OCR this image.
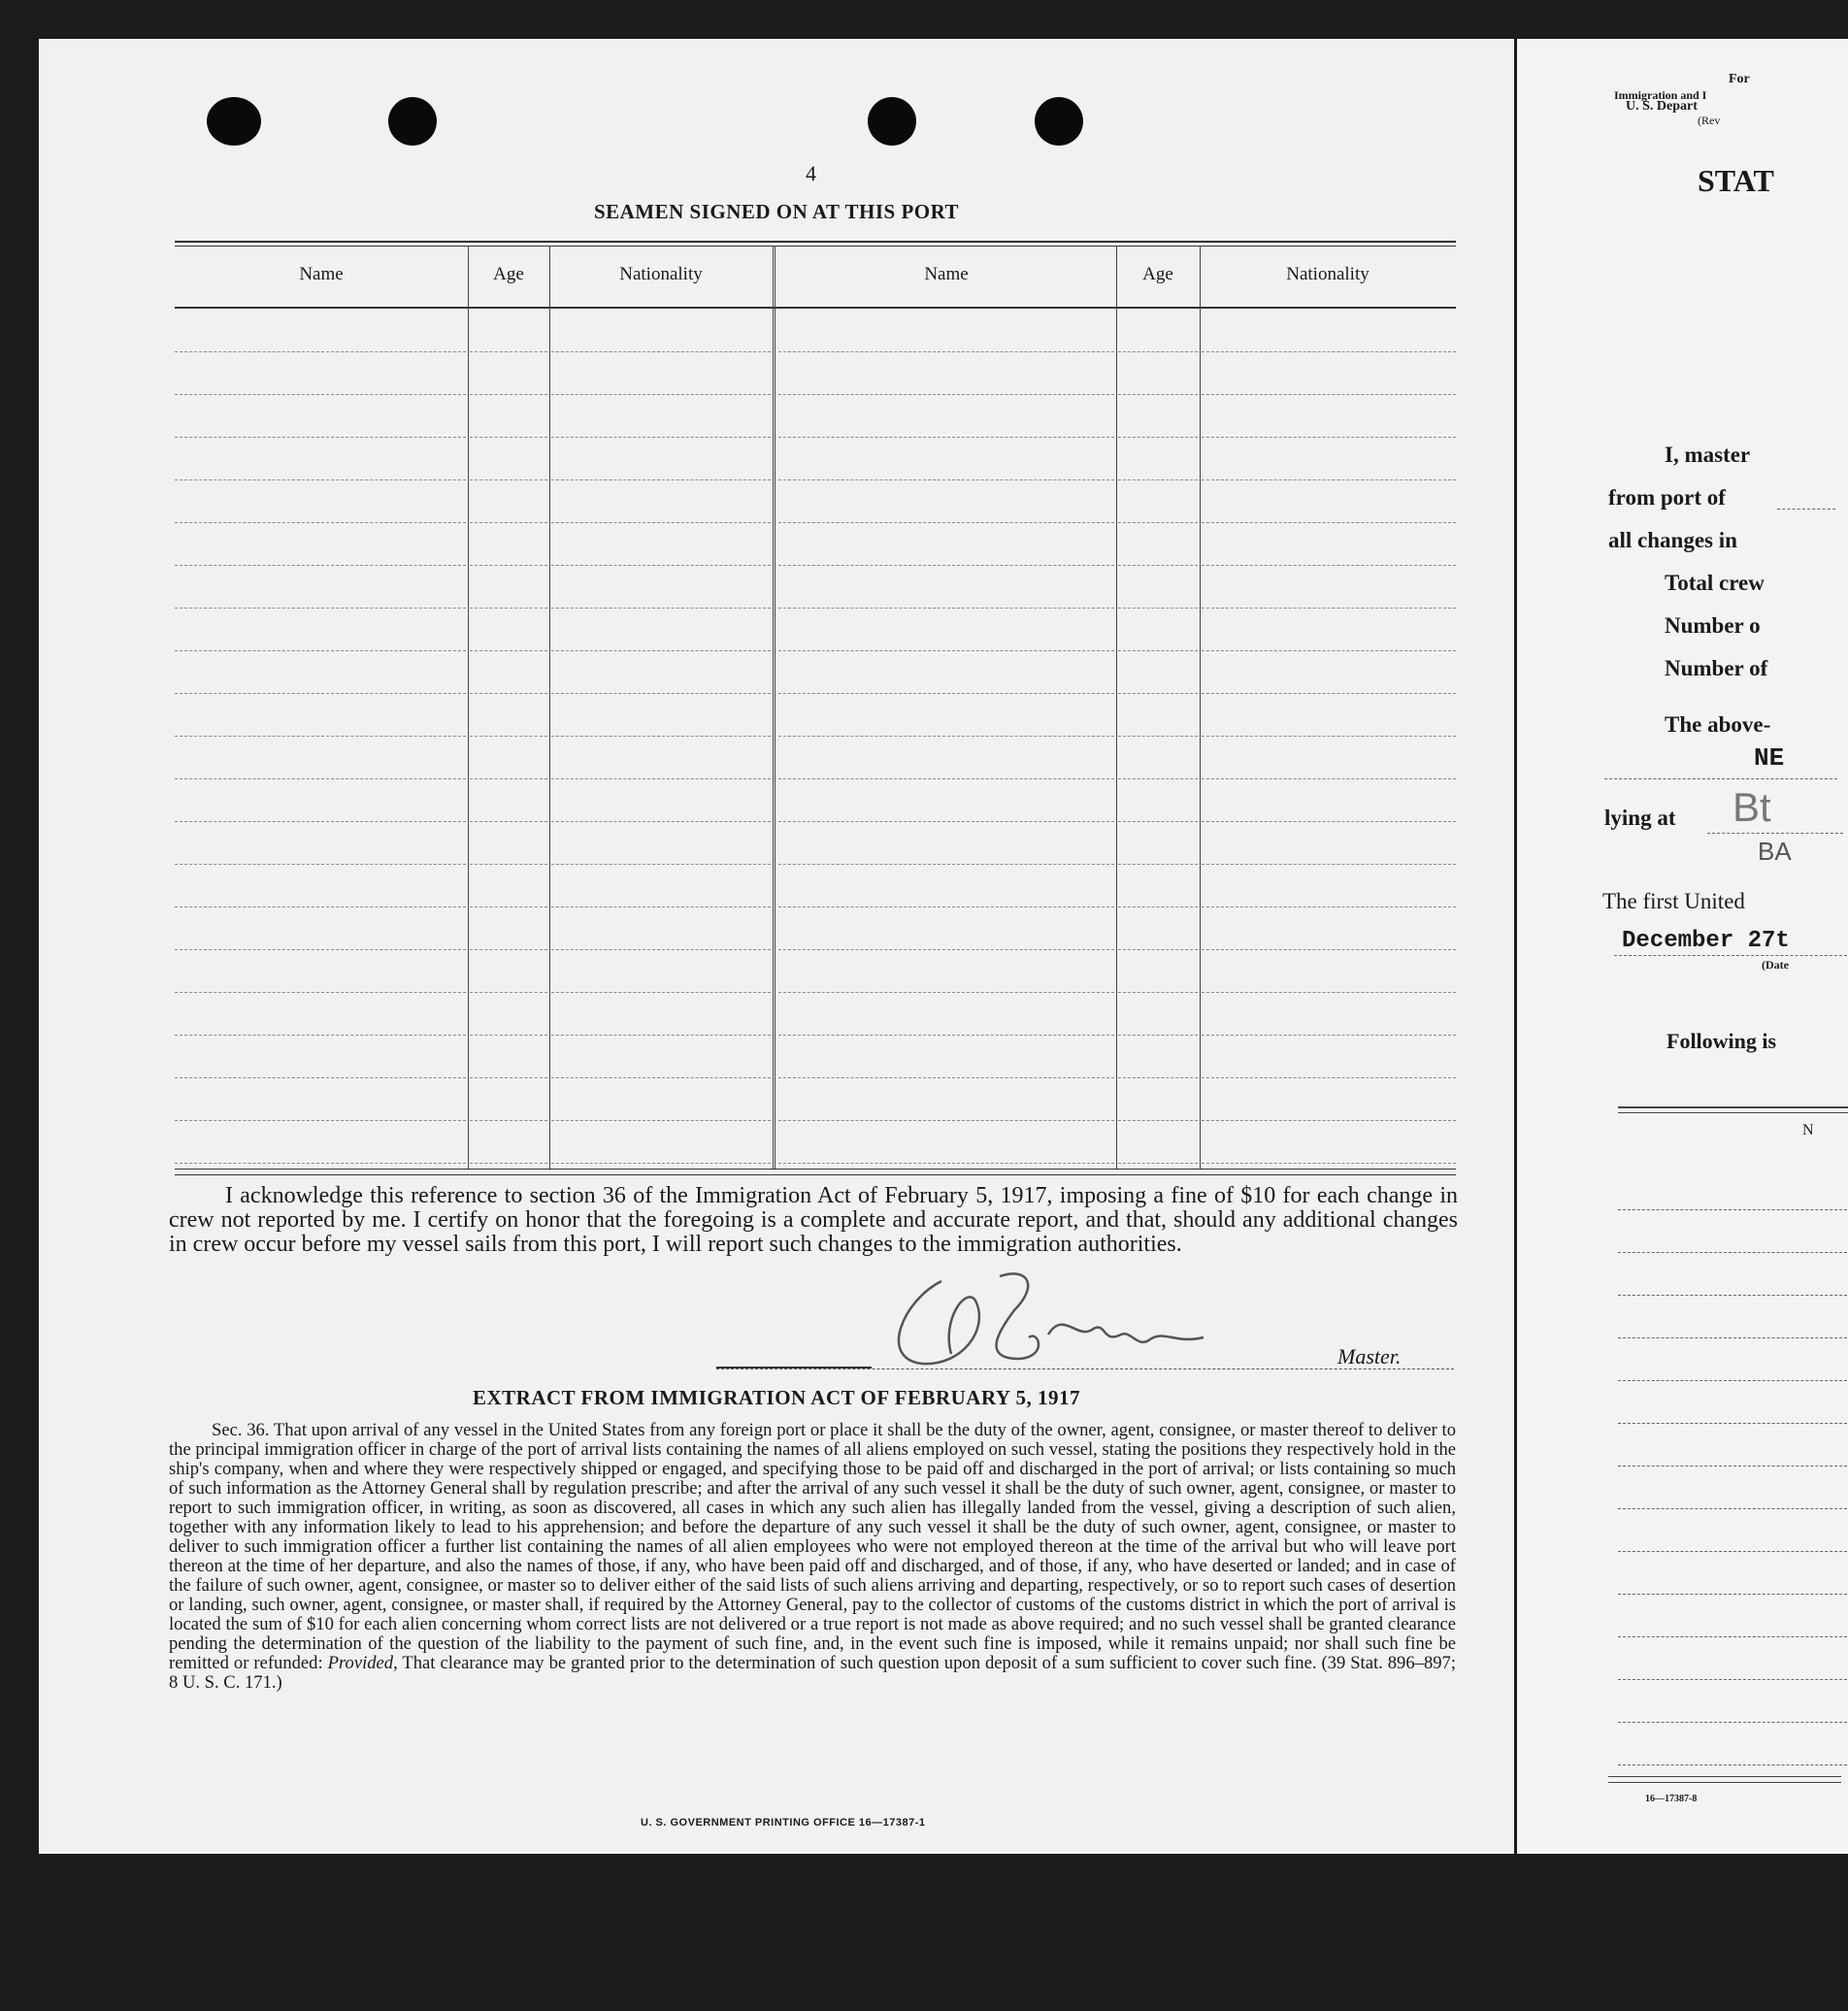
4
SEAMEN SIGNED ON AT THIS PORT
Name	Age	Nationality	Name	Age	Nationality

I acknowledge this reference to section 36 of the Immigration Act of February 5, 1917, imposing a fine of $10 for each change in crew not reported by me. I certify on honor that the foregoing is a complete and accurate report, and that, should any additional changes in crew occur before my vessel sails from this port, I will report such changes to the immigration authorities.

Master.
EXTRACT FROM IMMIGRATION ACT OF FEBRUARY 5, 1917

Sec. 36. That upon arrival of any vessel in the United States from any foreign port or place it shall be the duty of the owner, agent, consignee, or master thereof to deliver to the principal immigration officer in charge of the port of arrival lists containing the names of all aliens employed on such vessel, stating the positions they respectively hold in the ship's company, when and where they were respectively shipped or engaged, and specifying those to be paid off and discharged in the port of arrival; or lists containing so much of such information as the Attorney General shall by regulation prescribe; and after the arrival of any such vessel it shall be the duty of such owner, agent, consignee, or master to report to such immigration officer, in writing, as soon as discovered, all cases in which any such alien has illegally landed from the vessel, giving a description of such alien, together with any information likely to lead to his apprehension; and before the departure of any such vessel it shall be the duty of such owner, agent, consignee, or master to deliver to such immigration officer a further list containing the names of all alien employees who were not employed thereon at the time of the arrival but who will leave port thereon at the time of her departure, and also the names of those, if any, who have been paid off and discharged, and of those, if any, who have deserted or landed; and in case of the failure of such owner, agent, consignee, or master so to deliver either of the said lists of such aliens arriving and departing, respectively, or so to report such cases of desertion or landing, such owner, agent, consignee, or master shall, if required by the Attorney General, pay to the collector of customs of the customs district in which the port of arrival is located the sum of $10 for each alien concerning whom correct lists are not delivered or a true report is not made as above required; and no such vessel shall be granted clearance pending the determination of the question of the liability to the payment of such fine, and, in the event such fine is imposed, while it remains unpaid; nor shall such fine be remitted or refunded: Provided, That clearance may be granted prior to the determination of such question upon deposit of a sum sufficient to cover such fine. (39 Stat. 896–897; 8 U. S. C. 171.)

U. S. GOVERNMENT PRINTING OFFICE 16—17387-1
For
Immigration and I
U. S. Depart
(Rev
STAT
I, master
from port of
all changes in
Total crew
Number o
Number of
The above-
NE
lying at Bt
BA
The first United
December 27t
(Date
Following is
N
16—17387-8
